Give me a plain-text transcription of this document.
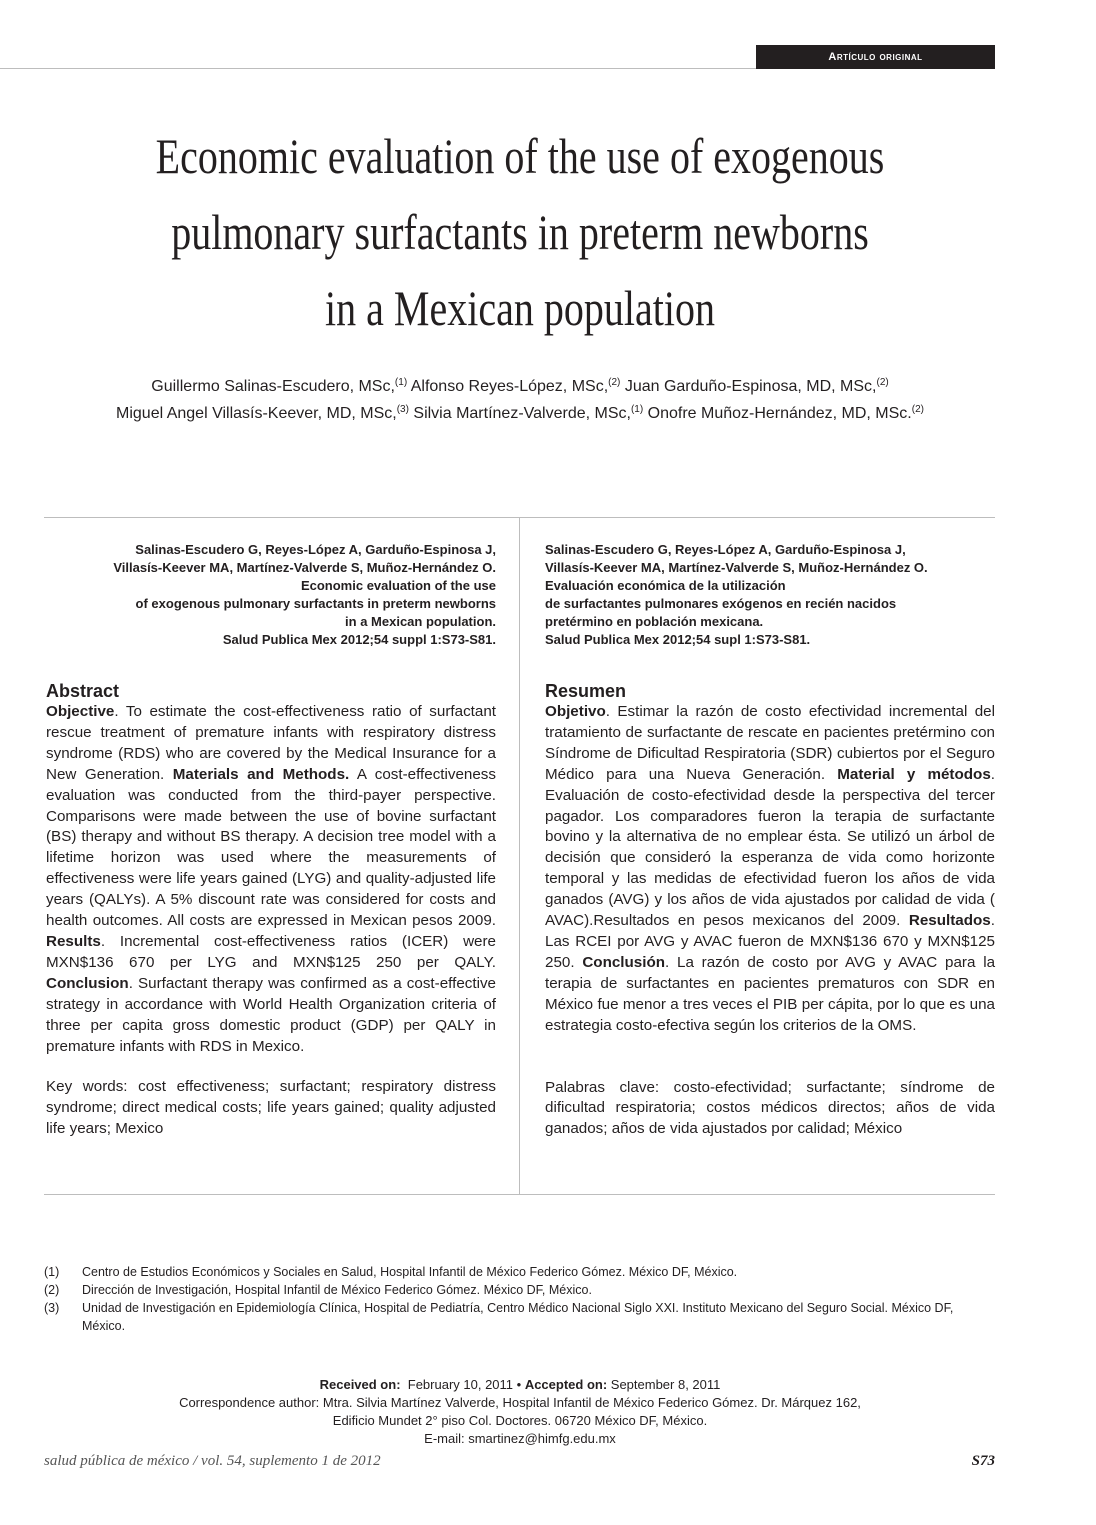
Artículo original
Economic evaluation of the use of exogenous
pulmonary surfactants in preterm newborns
in a Mexican population
Guillermo Salinas-Escudero, MSc,$^{(1)}$ Alfonso Reyes-López, MSc,$^{(2)}$ Juan Garduño-Espinosa, MD, MSc,$^{(2)}$
Miguel Angel Villasís-Keever, MD, MSc,$^{(3)}$ Silvia Martínez-Valverde, MSc,$^{(1)}$ Onofre Muñoz-Hernández, MD, MSc.$^{(2)}$
Salinas-Escudero G, Reyes-López A, Garduño-Espinosa J,
Villasís-Keever MA, Martínez-Valverde S, Muñoz-Hernández O.
Economic evaluation of the use
of exogenous pulmonary surfactants in preterm newborns
in a Mexican population.
Salud Publica Mex 2012;54 suppl 1:S73-S81.
Salinas-Escudero G, Reyes-López A, Garduño-Espinosa J,
Villasís-Keever MA, Martínez-Valverde S, Muñoz-Hernández O.
Evaluación económica de la utilización
de surfactantes pulmonares exógenos en recién nacidos
pretérmino en población mexicana.
Salud Publica Mex 2012;54 supl 1:S73-S81.
Abstract

Objective. To estimate the cost-effectiveness ratio of surfactant rescue treatment of premature infants with respiratory distress syndrome (RDS) who are covered by the Medical Insurance for a New Generation. Materials and Methods. A cost-effectiveness evaluation was conducted from the third-payer perspective. Comparisons were made between the use of bovine surfactant (BS) therapy and without BS therapy. A decision tree model with a lifetime horizon was used where the measurements of effectiveness were life years gained (LYG) and quality-adjusted life years (QALYs). A 5% discount rate was considered for costs and health outcomes. All costs are expressed in Mexican pesos 2009. Results. Incremental cost-effectiveness ratios (ICER) were MXN$136 670 per LYG and MXN$125 250 per QALY. Conclusion. Surfactant therapy was confirmed as a cost-effective strategy in accordance with World Health Organization criteria of three per capita gross domestic product (GDP) per QALY in premature infants with RDS in Mexico.

Key words: cost effectiveness; surfactant; respiratory distress syndrome; direct medical costs; life years gained; quality adjusted life years; Mexico

Resumen

Objetivo. Estimar la razón de costo efectividad incremental del tratamiento de surfactante de rescate en pacientes pretérmino con Síndrome de Dificultad Respiratoria (SDR) cubiertos por el Seguro Médico para una Nueva Generación. Material y métodos. Evaluación de costo-efectividad desde la perspectiva del tercer pagador. Los comparadores fueron la terapia de surfactante bovino y la alternativa de no emplear ésta. Se utilizó un árbol de decisión que consideró la esperanza de vida como horizonte temporal y las medidas de efectividad fueron los años de vida ganados (AVG) y los años de vida ajustados por calidad de vida ( AVAC).Resultados en pesos mexicanos del 2009. Resultados. Las RCEI por AVG y AVAC fueron de MXN$136 670 y MXN$125 250. Conclusión. La razón de costo por AVG y AVAC para la terapia de surfactantes en pacientes prematuros con SDR en México fue menor a tres veces el PIB per cápita, por lo que es una estrategia costo-efectiva según los criterios de la OMS.

Palabras clave: costo-efectividad; surfactante; síndrome de dificultad respiratoria; costos médicos directos; años de vida ganados; años de vida ajustados por calidad; México

(1)	Centro de Estudios Económicos y Sociales en Salud, Hospital Infantil de México Federico Gómez. México DF, México.
(2)	Dirección de Investigación, Hospital Infantil de México Federico Gómez. México DF, México.
(3)	Unidad de Investigación en Epidemiología Clínica, Hospital de Pediatría, Centro Médico Nacional Siglo XXI. Instituto Mexicano del Seguro Social. México DF, México.
Received on:  February 10, 2011 • Accepted on: September 8, 2011
Correspondence author: Mtra. Silvia Martínez Valverde, Hospital Infantil de México Federico Gómez. Dr. Márquez 162,
Edificio Mundet 2° piso Col. Doctores. 06720 México DF, México.
E-mail: smartinez@himfg.edu.mx
salud pública de méxico / vol. 54, suplemento 1 de 2012	S73
